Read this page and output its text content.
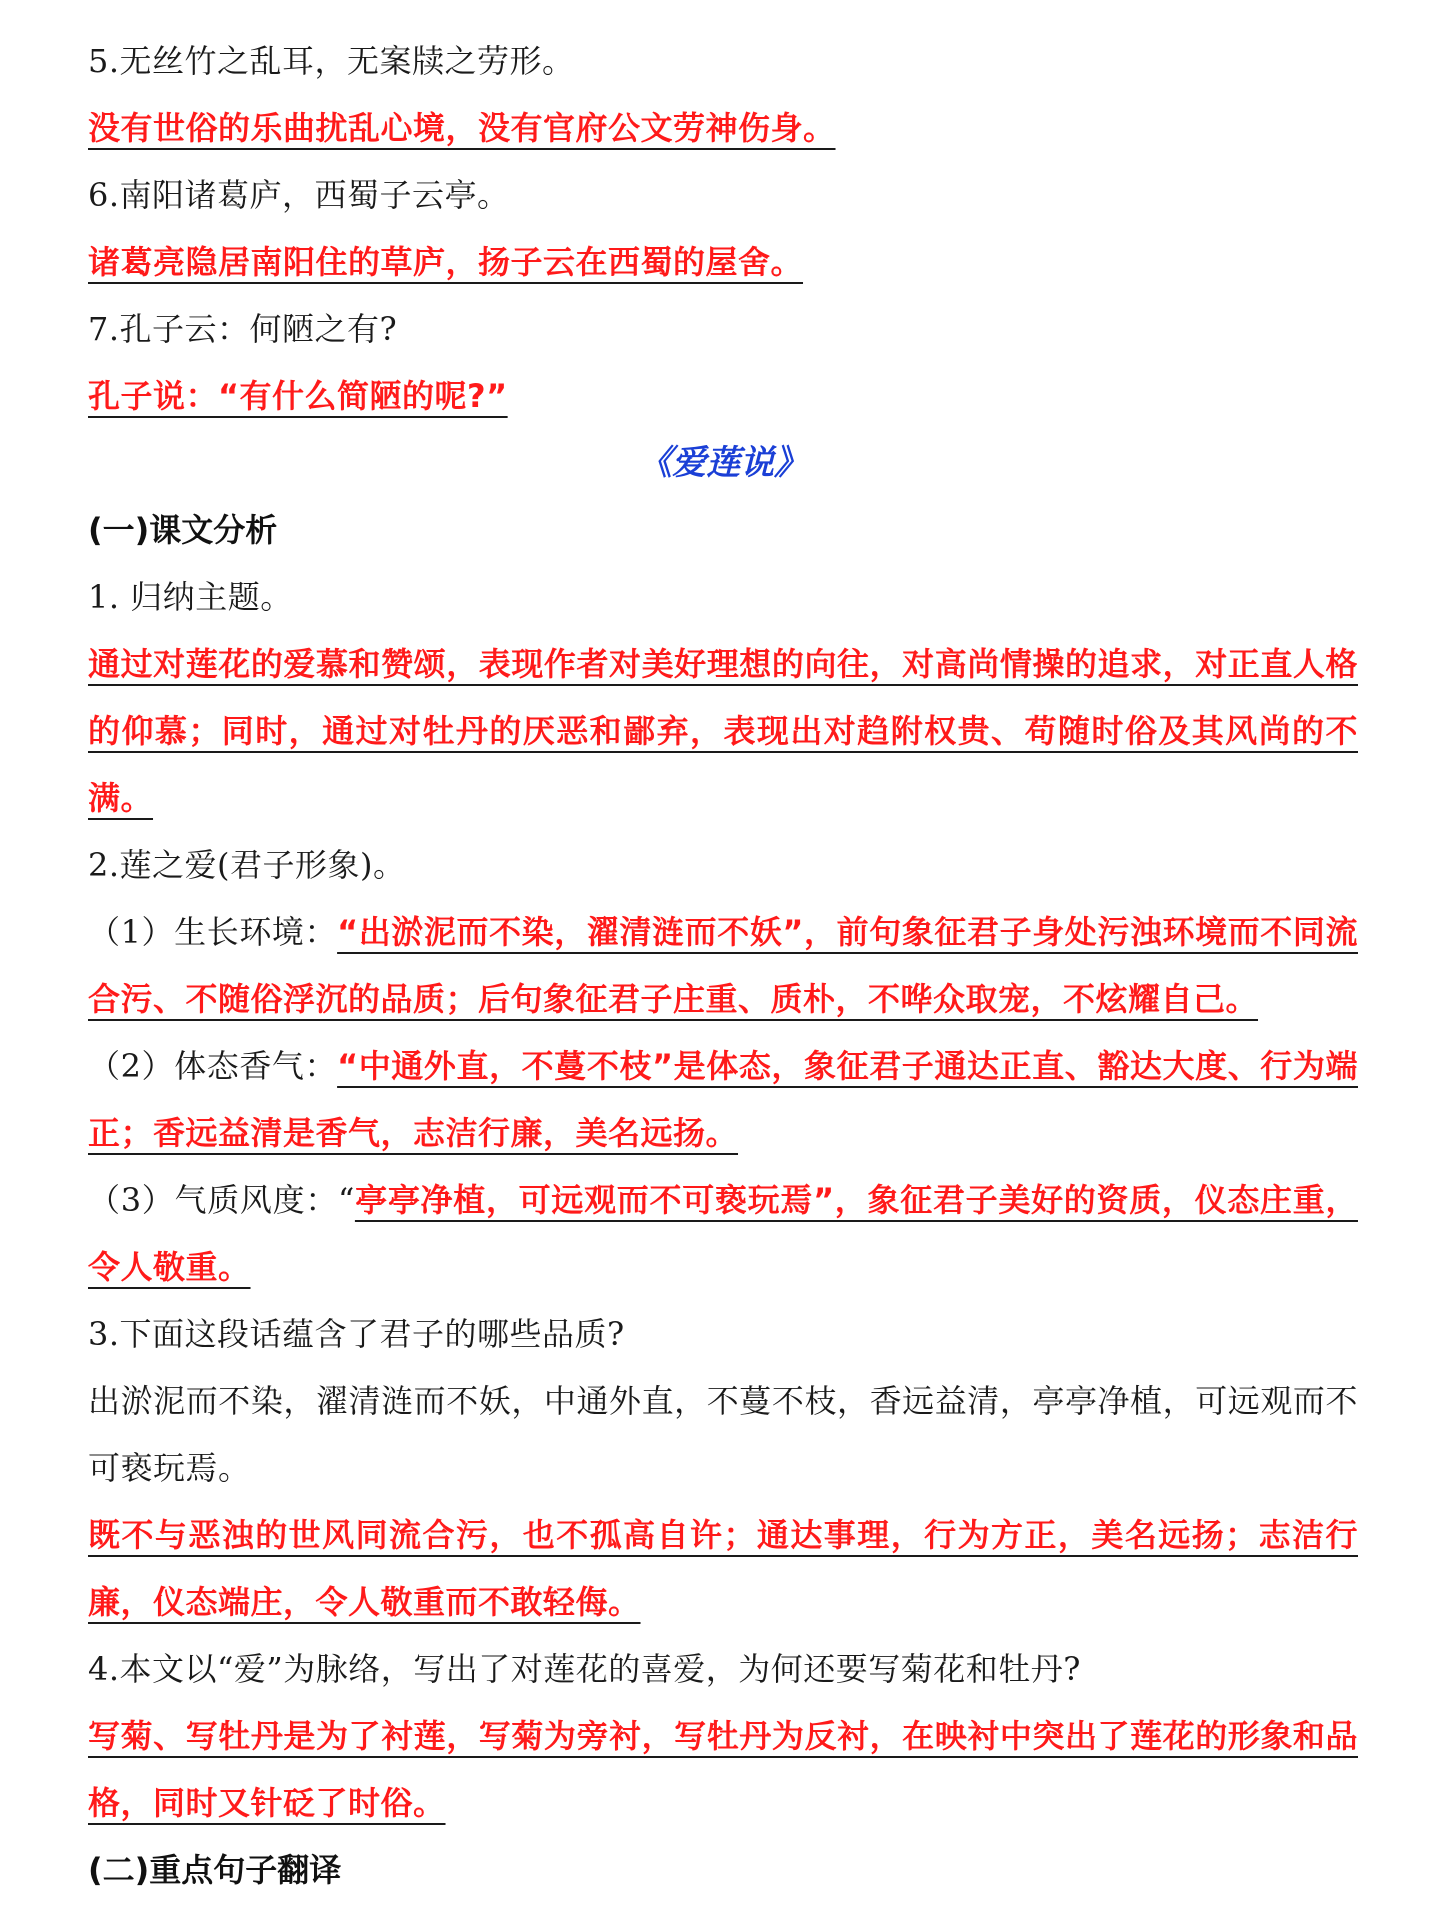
5.无丝竹之乱耳，无案牍之劳形。
没有世俗的乐曲扰乱心境，没有官府公文劳神伤身。
6.南阳诸葛庐，西蜀子云亭。
诸葛亮隐居南阳住的草庐，扬子云在西蜀的屋舍。
7.孔子云：何陋之有?
孔子说：“有什么简陋的呢?”
《爱莲说》
(一)课文分析
1. 归纳主题。
通过对莲花的爱慕和赞颂，表现作者对美好理想的向往，对高尚情操的追求，对正直人格的仰慕；同时，通过对牡丹的厌恶和鄙弃，表现出对趋附权贵、苟随时俗及其风尚的不满。
2.莲之爱(君子形象)。
（1）生长环境：“出淤泥而不染，濯清涟而不妖”，前句象征君子身处污浊环境而不同流合污、不随俗浮沉的品质；后句象征君子庄重、质朴，不哗众取宠，不炫耀自己。
（2）体态香气：“中通外直，不蔓不枝”是体态，象征君子通达正直、豁达大度、行为端正；香远益清是香气，志洁行廉，美名远扬。
（3）气质风度：“亭亭净植，可远观而不可亵玩焉”，象征君子美好的资质，仪态庄重，令人敬重。
3.下面这段话蕴含了君子的哪些品质?
出淤泥而不染，濯清涟而不妖，中通外直，不蔓不枝，香远益清，亭亭净植，可远观而不可亵玩焉。
既不与恶浊的世风同流合污，也不孤高自许；通达事理，行为方正，美名远扬；志洁行廉，仪态端庄，令人敬重而不敢轻侮。
4.本文以“爱”为脉络，写出了对莲花的喜爱，为何还要写菊花和牡丹?
写菊、写牡丹是为了衬莲，写菊为旁衬，写牡丹为反衬，在映衬中突出了莲花的形象和品格，同时又针砭了时俗。
(二)重点句子翻译
